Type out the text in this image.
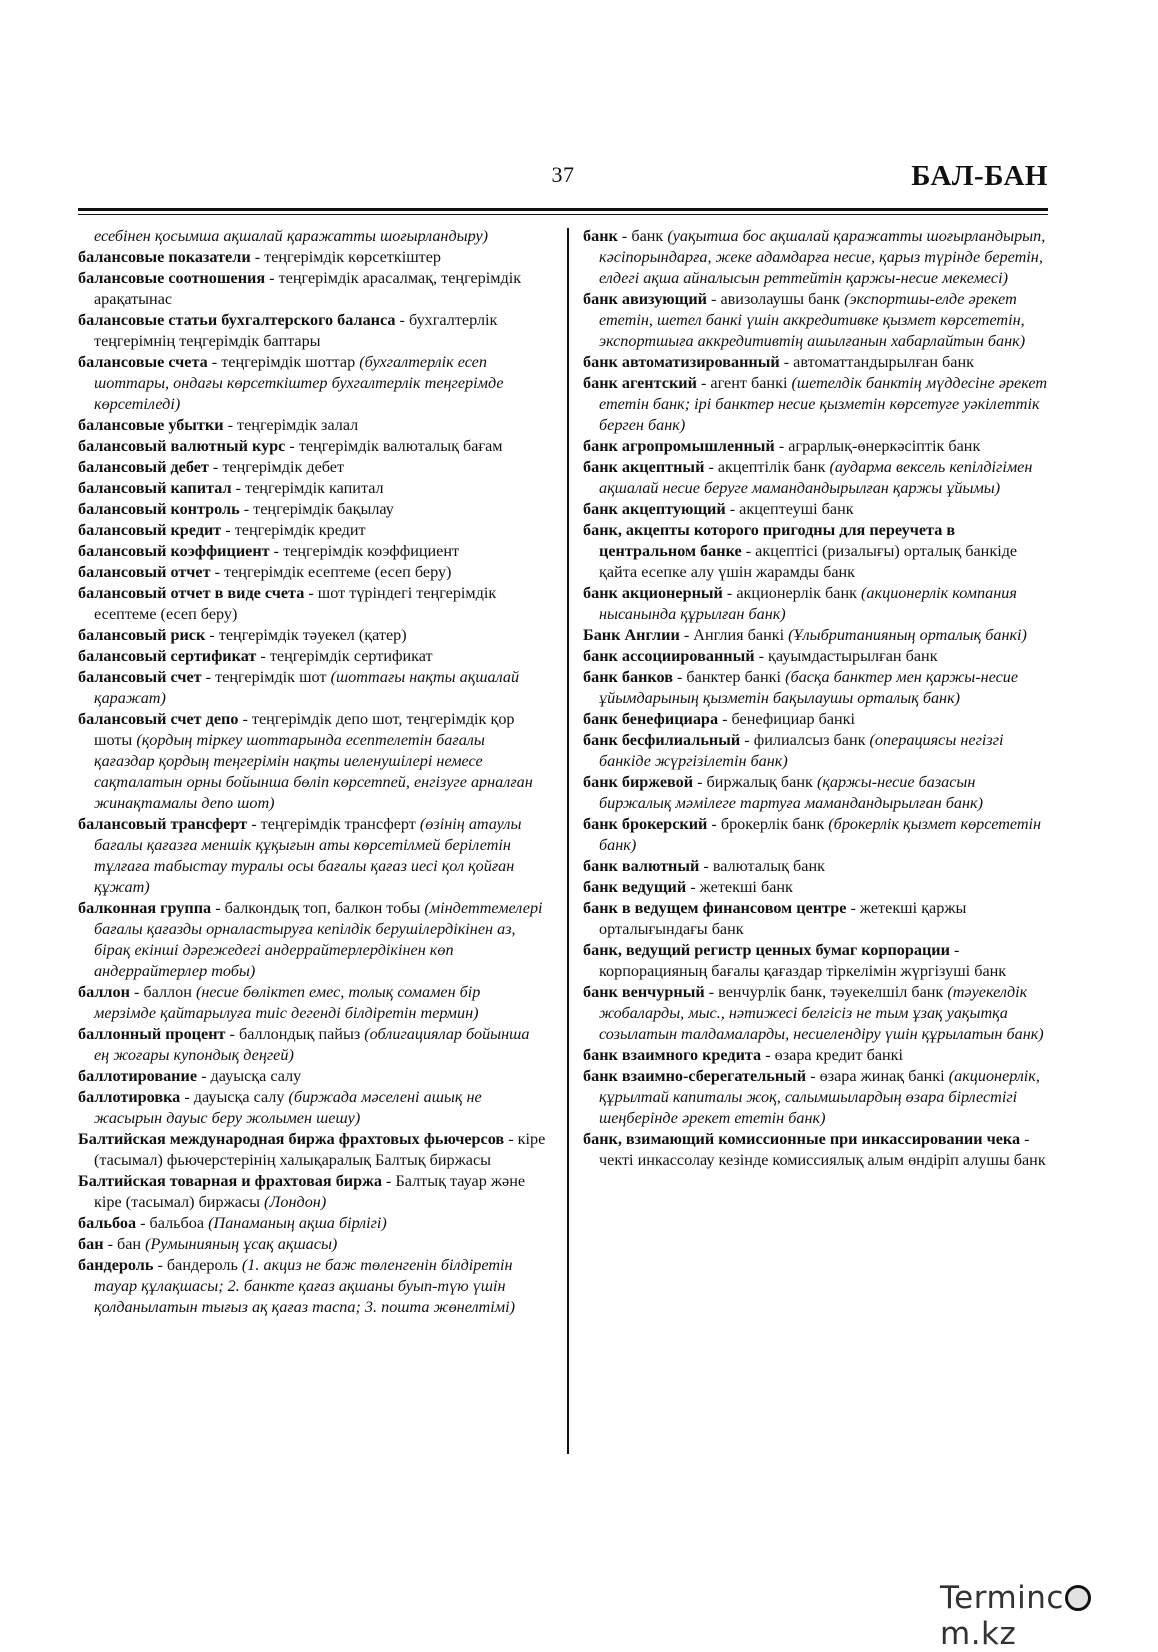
37	БАЛ-БАН

есебінен қосымша ақшалай қаражатты шоғырландыру)

балансовые показатели - теңгерімдік көрсеткіштер

балансовые соотношения - теңгерімдік арасалмақ, теңгерімдік арақатынас

балансовые статьи бухгалтерского баланса - бухгалтерлік теңгерімнің теңгерімдік баптары

балансовые счета - теңгерімдік шоттар (бухгалтерлік есеп шоттары, ондағы көрсеткіштер бухгалтерлік теңгерімде көрсетіледі)

балансовые убытки - теңгерімдік залал

балансовый валютный курс - теңгерімдік валюталық бағам

балансовый дебет - теңгерімдік дебет

балансовый капитал - теңгерімдік капитал

балансовый контроль - теңгерімдік бақылау

балансовый кредит - теңгерімдік кредит

балансовый коэффициент - теңгерімдік коэффициент

балансовый отчет - теңгерімдік есептеме (есеп беру)

балансовый отчет в виде счета - шот түріндегі теңгерімдік есептеме (есеп беру)

балансовый риск - теңгерімдік тәуекел (қатер)

балансовый сертификат - теңгерімдік сертификат

балансовый счет - теңгерімдік шот (шоттағы нақты ақшалай қаражат)

балансовый счет депо - теңгерімдік депо шот, теңгерімдік қор шоты (қордың тіркеу шоттарында есептелетін бағалы қағаздар қордың теңгерімін нақты иеленушілері немесе сақталатын орны бойынша бөліп көрсетпей, енгізуге арналған жинақтамалы депо шот)

балансовый трансферт - теңгерімдік трансферт (өзінің атаулы бағалы қағазға меншік құқығын аты көрсетілмей берілетін тұлғаға табыстау туралы осы бағалы қағаз иесі қол қойған құжат)

балконная группа - балкондық топ, балкон тобы (міндеттемелері бағалы қағазды орналастыруға кепілдік берушілердікінен аз, бірақ екінші дәрежедегі андеррайтерлердікінен көп андеррайтерлер тобы)

баллон - баллон (несие бөліктеп емес, толық сомамен бір мерзімде қайтарылуға тиіс дегенді білдіретін термин)

баллонный процент - баллондық пайыз (облигациялар бойынша ең жоғары купондық деңгей)

баллотирование - дауысқа салу

баллотировка - дауысқа салу (биржада мәселені ашық не жасырын дауыс беру жолымен шешу)

Балтийская международная биржа фрахтовых фьючерсов - кіре (тасымал) фьючерстерінің халықаралық Балтық биржасы

Балтийская товарная и фрахтовая биржа - Балтық тауар және кіре (тасымал) биржасы (Лондон)

бальбоа - бальбоа (Панаманың ақша бірлігі)

бан - бан (Румынияның ұсақ ақшасы)

бандероль - бандероль (1. акциз не баж төленгенін білдіретін тауар құлақшасы; 2. банкте қағаз ақшаны буып-түю үшін қолданылатын тығыз ақ қағаз таспа; 3. пошта жөнелтімі)

банк - банк (уақытша бос ақшалай қаражатты шоғырландырып, кәсіпорындарға, жеке адамдарға несие, қарыз түрінде беретін, елдегі ақша айналысын реттейтін қаржы-несие мекемесі)

банк авизующий - авизолаушы банк (экспортшы-елде әрекет ететін, шетел банкі үшін аккредитивке қызмет көрсететін, экспортшыға аккредитивтің ашылғанын хабарлайтын банк)

банк автоматизированный - автоматтандырылған банк

банк агентский - агент банкі (шетелдік банктің мүддесіне әрекет ететін банк; ірі банктер несие қызметін көрсетуге уәкілеттік берген банк)

банк агропромышленный - аграрлық-өнеркәсіптік банк

банк акцептный - акцептілік банк (аударма вексель кепілдігімен ақшалай несие беруге мамандандырылған қаржы ұйымы)

банк акцептующий - акцептеуші банк

банк, акцепты которого пригодны для переучета в центральном банке - акцептісі (ризалығы) орталық банкіде қайта есепке алу үшін жарамды банк

банк акционерный - акционерлік банк (акционерлік компания нысанында құрылған банк)

Банк Англии - Англия банкі (Ұлыбританияның орталық банкі)

банк ассоциированный - қауымдастырылған банк

банк банков - банктер банкі (басқа банктер мен қаржы-несие ұйымдарының қызметін бақылаушы орталық банк)

банк бенефициара - бенефициар банкі

банк бесфилиальный - филиалсыз банк (операциясы негізгі банкіде жүргізілетін банк)

банк биржевой - биржалық банк (қаржы-несие базасын биржалық мәмілеге тартуға мамандандырылған банк)

банк брокерский - брокерлік банк (брокерлік қызмет көрсететін банк)

банк валютный - валюталық банк

банк ведущий - жетекші банк

банк в ведущем финансовом центре - жетекші қаржы орталығындағы банк

банк, ведущий регистр ценных бумаг корпорации - корпорацияның бағалы қағаздар тіркелімін жүргізуші банк

банк венчурный - венчурлік банк, тәуекелшіл банк (тәуекелдік жобаларды, мыс., нәтижесі белгісіз не тым ұзақ уақытқа созылатын талдамаларды, несиелендіру үшін құрылатын банк)

банк взаимного кредита - өзара кредит банкі

банк взаимно-сберегательный - өзара жинақ банкі (акционерлік, құрылтай капиталы жоқ, салымшылардың өзара бірлестігі шеңберінде әрекет ететін банк)

банк, взимающий комиссионные при инкассировании чека - чекті инкассолау кезінде комиссиялық алым өндіріп алушы банк

Termincm.kz
